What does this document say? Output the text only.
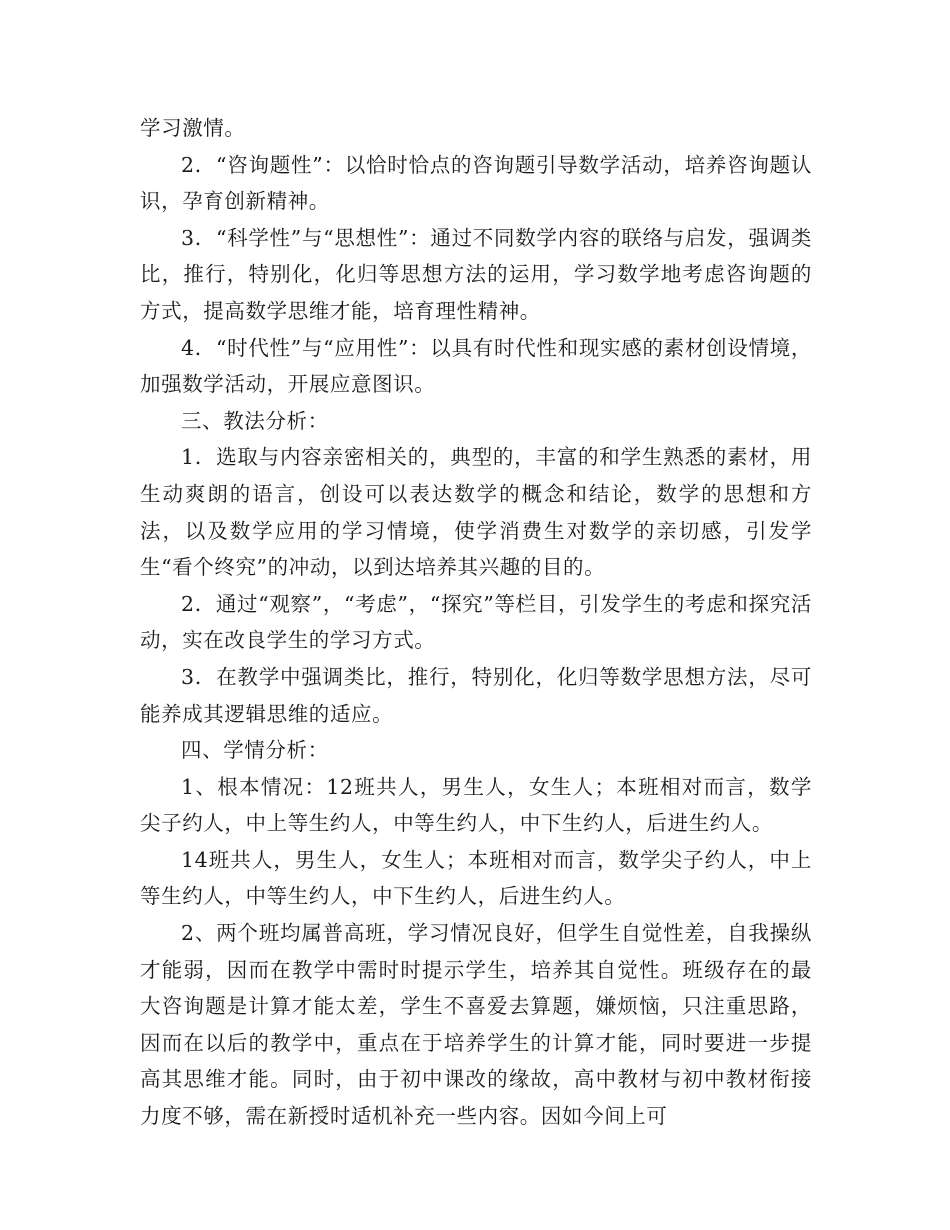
学习激情。

2．“咨询题性”：以恰时恰点的咨询题引导数学活动，培养咨询题认识，孕育创新精神。

3．“科学性”与“思想性”：通过不同数学内容的联络与启发，强调类比，推行，特别化，化归等思想方法的运用，学习数学地考虑咨询题的方式，提高数学思维才能，培育理性精神。

4．“时代性”与“应用性”：以具有时代性和现实感的素材创设情境，加强数学活动，开展应意图识。

三、教法分析：

1．选取与内容亲密相关的，典型的，丰富的和学生熟悉的素材，用生动爽朗的语言，创设可以表达数学的概念和结论，数学的思想和方法，以及数学应用的学习情境，使学消费生对数学的亲切感，引发学生“看个终究”的冲动，以到达培养其兴趣的目的。

2．通过“观察”，“考虑”，“探究”等栏目，引发学生的考虑和探究活动，实在改良学生的学习方式。

3．在教学中强调类比，推行，特别化，化归等数学思想方法，尽可能养成其逻辑思维的适应。

四、学情分析：

1、根本情况：12班共人，男生人，女生人；本班相对而言，数学尖子约人，中上等生约人，中等生约人，中下生约人，后进生约人。

14班共人，男生人，女生人；本班相对而言，数学尖子约人，中上等生约人，中等生约人，中下生约人，后进生约人。

2、两个班均属普高班，学习情况良好，但学生自觉性差，自我操纵才能弱，因而在教学中需时时提示学生，培养其自觉性。班级存在的最大咨询题是计算才能太差，学生不喜爱去算题，嫌烦恼，只注重思路，因而在以后的教学中，重点在于培养学生的计算才能，同时要进一步提高其思维才能。同时，由于初中课改的缘故，高中教材与初中教材衔接力度不够，需在新授时适机补充一些内容。因如今间上可
